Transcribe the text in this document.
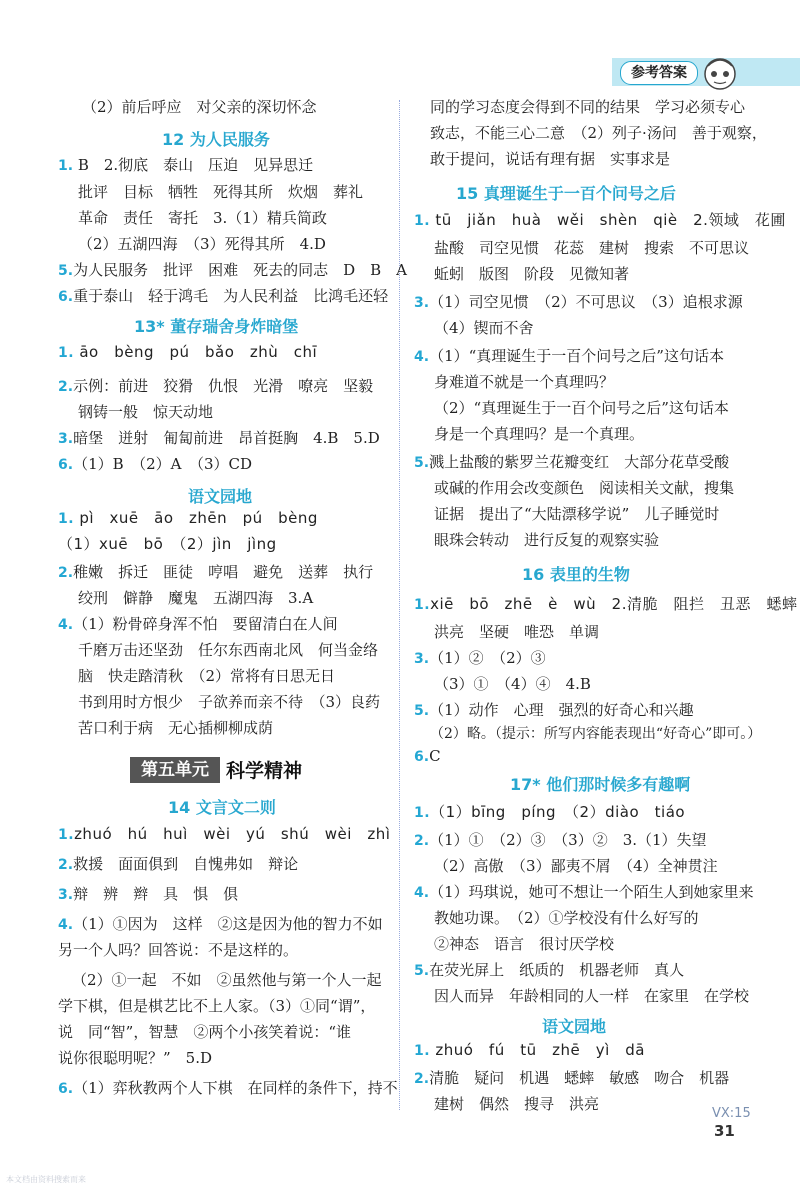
参考答案
（2）前后呼应　对父亲的深切怀念
12 为人民服务
1. B　2.彻底　泰山　压迫　见异思迁
批评　目标　牺牲　死得其所　炊烟　葬礼
革命　责任　寄托　3.（1）精兵简政
（2）五湖四海　（3）死得其所　4.D
5.为人民服务　批评　困难　死去的同志　D　B　A
6.重于泰山　轻于鸿毛　为人民利益　比鸿毛还轻
13* 董存瑞舍身炸暗堡
1. āo　bèng　pú　bǎo　zhù　chī
2.示例：前进　狡猾　仇恨　光滑　嘹亮　坚毅
钢铸一般　惊天动地
3.暗堡　迸射　匍匐前进　昂首挺胸　4.B　5.D
6.（1）B　（2）A　（3）CD
语文园地
1. pì　xuē　āo　zhēn　pú　bèng
（1）xuē　bō　（2）jìn　jìng
2.稚嫩　拆迁　匪徒　哼唱　避免　送葬　执行
绞刑　僻静　魔鬼　五湖四海　3.A
4.（1）粉骨碎身浑不怕　要留清白在人间
千磨万击还坚劲　任尔东西南北风　何当金络
脑　快走踏清秋　（2）常将有日思无日
书到用时方恨少　子欲养而亲不待　（3）良药
苦口利于病　无心插柳柳成荫
第五单元 科学精神
14 文言文二则
1.zhuó　hú　huì　wèi　yú　shú　wèi　zhì
2.救援　面面俱到　自愧弗如　辩论
3.辩　辨　辫　具　惧　俱
4.（1）①因为　这样　②这是因为他的智力不如
另一个人吗？回答说：不是这样的。
（2）①一起　不如　②虽然他与第一个人一起
学下棋，但是棋艺比不上人家。（3）①同“谓”，
说　同“智”，智慧　②两个小孩笑着说：“谁
说你很聪明呢？”　5.D
6.（1）弈秋教两个人下棋　在同样的条件下，持不
同的学习态度会得到不同的结果　学习必须专心
致志，不能三心二意　（2）列子·汤问　善于观察，
敢于提问，说话有理有据　实事求是
15 真理诞生于一百个问号之后
1. tū　jiǎn　huà　wěi　shèn　qiè　2.领域　花圃
盐酸　司空见惯　花蕊　建树　搜索　不可思议
蚯蚓　版图　阶段　见微知著
3.（1）司空见惯　（2）不可思议　（3）追根求源
（4）锲而不舍
4.（1）“真理诞生于一百个问号之后”这句话本
身难道不就是一个真理吗？
（2）“真理诞生于一百个问号之后”这句话本
身是一个真理吗？是一个真理。
5.溅上盐酸的紫罗兰花瓣变红　大部分花草受酸
或碱的作用会改变颜色　阅读相关文献，搜集
证据　提出了“大陆漂移学说”　儿子睡觉时
眼珠会转动　进行反复的观察实验
16 表里的生物
1.xiē　bō　zhē　è　wù　2.清脆　阻拦　丑恶　蟋蟀
洪亮　坚硬　唯恐　单调
3.（1）②　（2）③
（3）①　（4）④　4.B
5.（1）动作　心理　强烈的好奇心和兴趣
（2）略。（提示：所写内容能表现出“好奇心”即可。）
6.C
17* 他们那时候多有趣啊
1.（1）bīng　píng　（2）diào　tiáo
2.（1）①　（2）③　（3）②　3.（1）失望
（2）高傲　（3）鄙夷不屑　（4）全神贯注
4.（1）玛琪说，她可不想让一个陌生人到她家里来
教她功课。　（2）①学校没有什么好写的
②神态　语言　很讨厌学校
5.在荧光屏上　纸质的　机器老师　真人
因人而异　年龄相同的人一样　在家里　在学校
语文园地
1. zhuó　fú　tū　zhē　yì　dā
2.清脆　疑问　机遇　蟋蟀　敏感　吻合　机器
建树　偶然　搜寻　洪亮
31
VX:15
本文档由资料搜索而来
